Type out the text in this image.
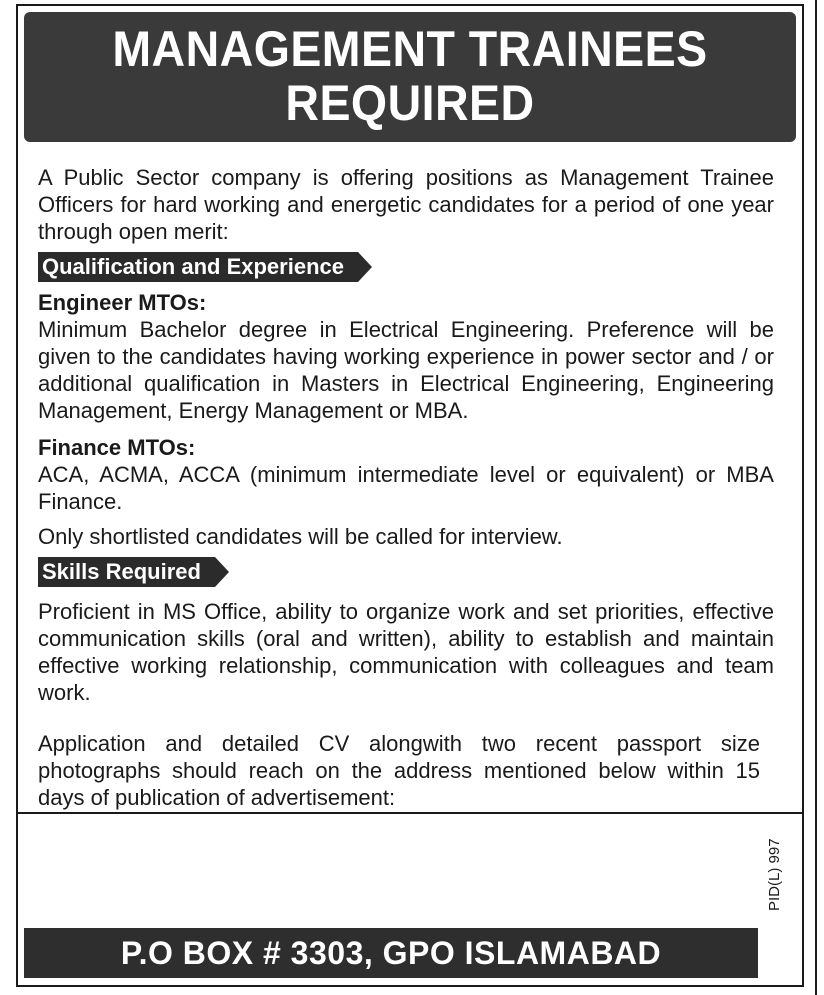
MANAGEMENT TRAINEES
REQUIRED

A Public Sector company is offering positions as Management Trainee Officers for hard working and energetic candidates for a period of one year through open merit:

Qualification and Experience

Engineer MTOs:

Minimum Bachelor degree in Electrical Engineering. Preference will be given to the candidates having working experience in power sector and / or additional qualification in Masters in Electrical Engineering, Engineering Management, Energy Management or MBA.

Finance MTOs:

ACA, ACMA, ACCA (minimum intermediate level or equivalent) or MBA Finance.

Only shortlisted candidates will be called for interview.

Skills Required

Proficient in MS Office, ability to organize work and set priorities, effective communication skills (oral and written), ability to establish and maintain effective working relationship, communication with colleagues and team work.

Application and detailed CV alongwith two recent passport size photographs should reach on the address mentioned below within 15 days of publication of advertisement:

P.O BOX # 3303, GPO ISLAMABAD
PID(L) 997
